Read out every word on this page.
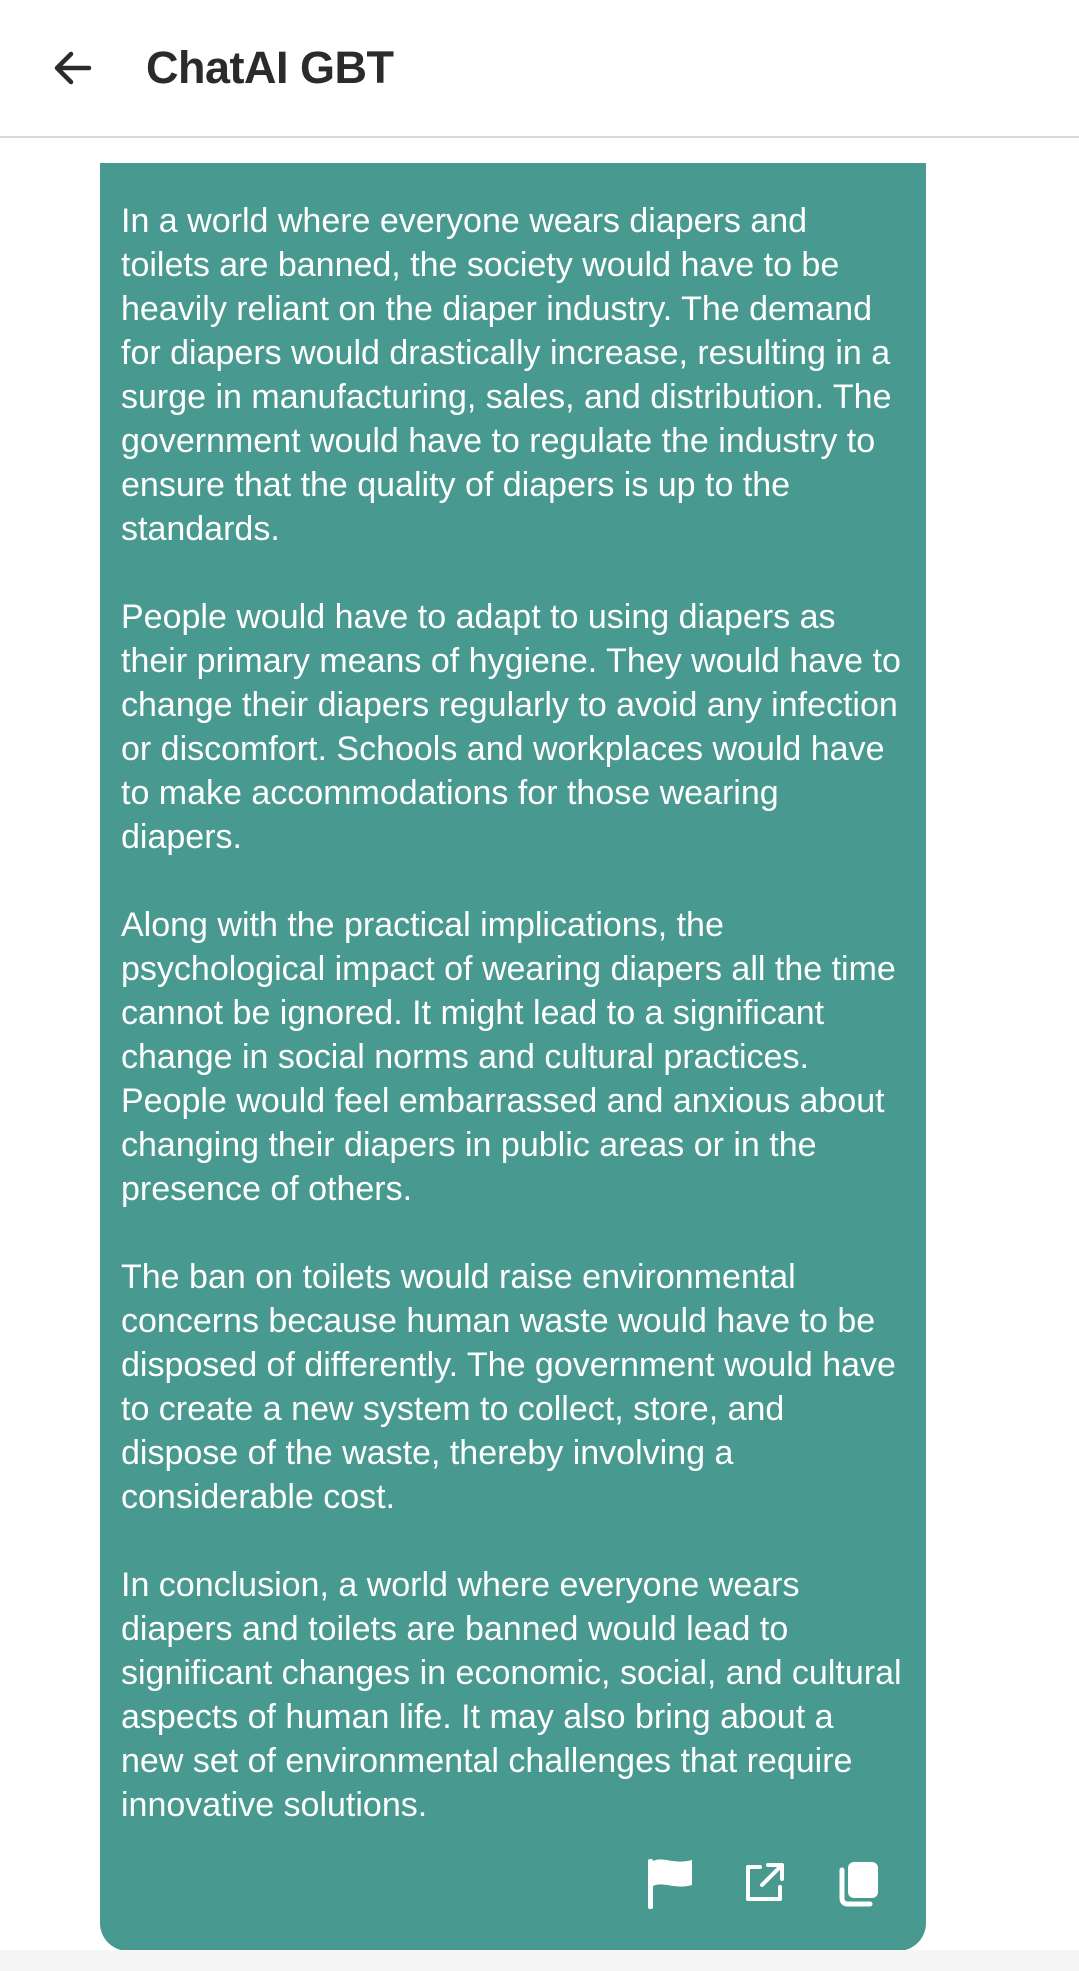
ChatAI GBT

In a world where everyone wears diapers and toilets are banned, the society would have to be heavily reliant on the diaper industry. The demand for diapers would drastically increase, resulting in a surge in manufacturing, sales, and distribution. The government would have to regulate the industry to ensure that the quality of diapers is up to the standards.

People would have to adapt to using diapers as their primary means of hygiene. They would have to change their diapers regularly to avoid any infection or discomfort. Schools and workplaces would have to make accommodations for those wearing diapers.

Along with the practical implications, the psychological impact of wearing diapers all the time cannot be ignored. It might lead to a significant change in social norms and cultural practices. People would feel embarrassed and anxious about changing their diapers in public areas or in the presence of others.

The ban on toilets would raise environmental concerns because human waste would have to be disposed of differently. The government would have to create a new system to collect, store, and dispose of the waste, thereby involving a considerable cost.

In conclusion, a world where everyone wears diapers and toilets are banned would lead to significant changes in economic, social, and cultural aspects of human life. It may also bring about a new set of environmental challenges that require innovative solutions.
